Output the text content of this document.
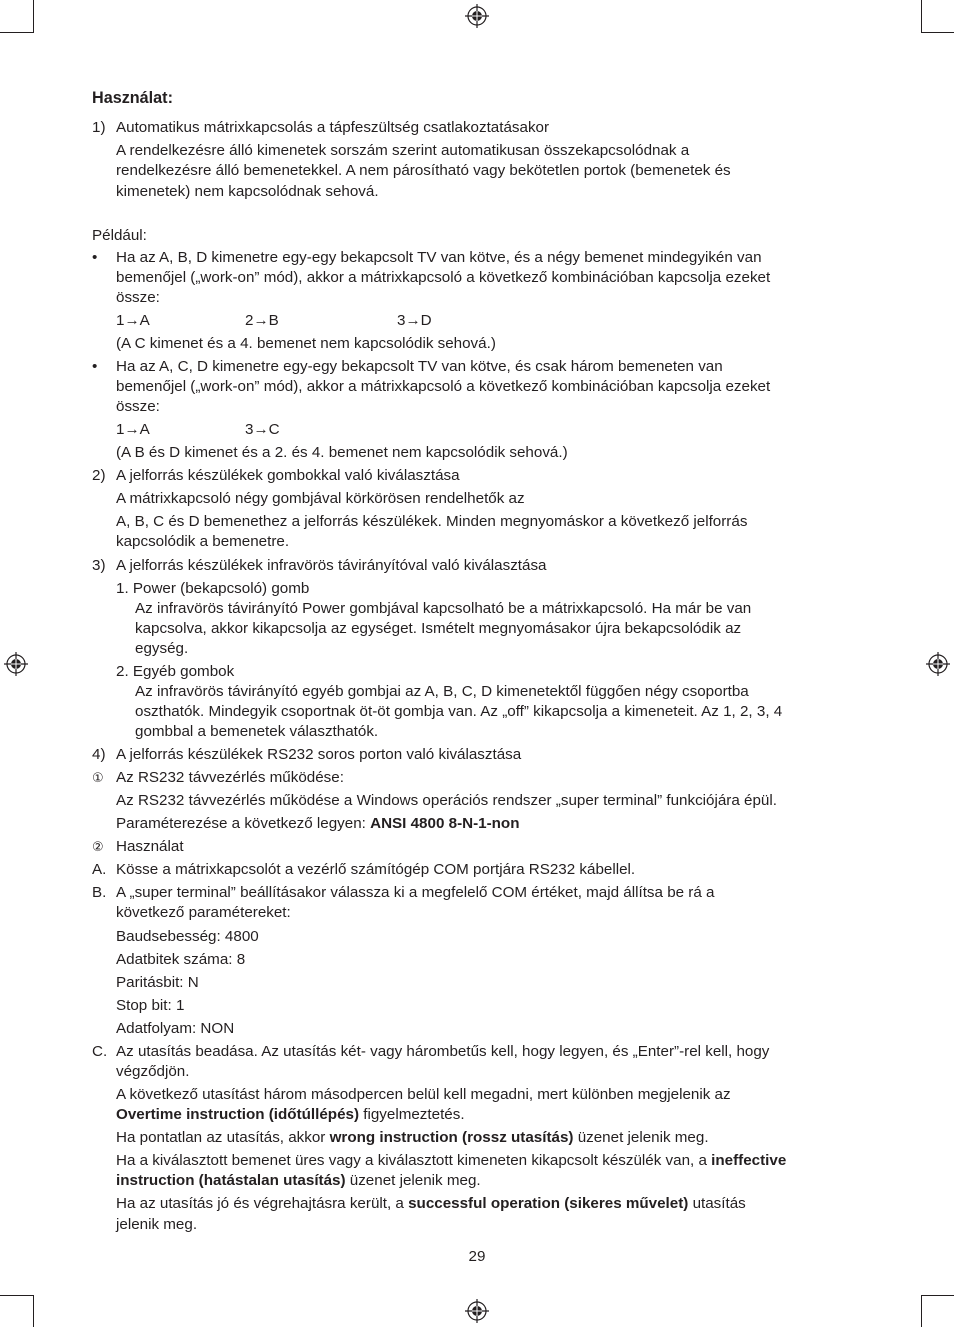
Használat:
1)
•
•
2)
3)
4)
①
②
A.
B.
C.
Automatikus mátrixkapcsolás a tápfeszültség csatlakoztatásakor
A rendelkezésre álló kimenetek sorszám szerint automatikusan összekapcsolódnak a
rendelkezésre álló bemenetekkel. A nem párosítható vagy bekötetlen portok (bemenetek és
kimenetek) nem kapcsolódnak sehová.
Például:
Ha az A, B, D kimenetre egy-egy bekapcsolt TV van kötve, és a négy bemenet mindegyikén van
bemenőjel („work-on” mód), akkor a mátrixkapcsoló a következő kombinációban kapcsolja ezeket
össze:
1→A	2→B	3→D
(A C kimenet és a 4. bemenet nem kapcsolódik sehová.)
Ha az A, C, D kimenetre egy-egy bekapcsolt TV van kötve, és csak három bemeneten van
bemenőjel („work-on” mód), akkor a mátrixkapcsoló a következő kombinációban kapcsolja ezeket
össze:
1→A	3→C
(A B és D kimenet és a 2. és 4. bemenet nem kapcsolódik sehová.)
A jelforrás készülékek gombokkal való kiválasztása
A mátrixkapcsoló négy gombjával körkörösen rendelhetők az
A, B, C és D bemenethez a jelforrás készülékek. Minden megnyomáskor a következő jelforrás
kapcsolódik a bemenetre.
A jelforrás készülékek infravörös távirányítóval való kiválasztása
1. Power (bekapcsoló) gomb
Az infravörös távirányító Power gombjával kapcsolható be a mátrixkapcsoló. Ha már be van
kapcsolva, akkor kikapcsolja az egységet. Ismételt megnyomásakor újra bekapcsolódik az
egység.
2. Egyéb gombok
Az infravörös távirányító egyéb gombjai az A, B, C, D kimenetektől függően négy csoportba
oszthatók. Mindegyik csoportnak öt-öt gombja van. Az „off” kikapcsolja a kimeneteit. Az 1, 2, 3, 4
gombbal a bemenetek választhatók.
A jelforrás készülékek RS232 soros porton való kiválasztása
Az RS232 távvezérlés működése:
Az RS232 távvezérlés működése a Windows operációs rendszer „super terminal” funkciójára épül.
Paraméterezése a következő legyen: ANSI 4800 8-N-1-non
Használat
Kösse a mátrixkapcsolót a vezérlő számítógép COM portjára RS232 kábellel.
A „super terminal” beállításakor válassza ki a megfelelő COM értéket, majd állítsa be rá a
következő paramétereket:
Baudsebesség: 4800
Adatbitek száma: 8
Paritásbit: N
Stop bit: 1
Adatfolyam: NON
Az utasítás beadása. Az utasítás két- vagy hárombetűs kell, hogy legyen, és „Enter”-rel kell, hogy
végződjön.
A következő utasítást három másodpercen belül kell megadni, mert különben megjelenik az
Overtime instruction (időtúllépés) figyelmeztetés.
Ha pontatlan az utasítás, akkor wrong instruction (rossz utasítás) üzenet jelenik meg.
Ha a kiválasztott bemenet üres vagy a kiválasztott kimeneten kikapcsolt készülék van, a ineffective
instruction (hatástalan utasítás) üzenet jelenik meg.
Ha az utasítás jó és végrehajtásra került, a successful operation (sikeres művelet) utasítás
jelenik meg.
29
